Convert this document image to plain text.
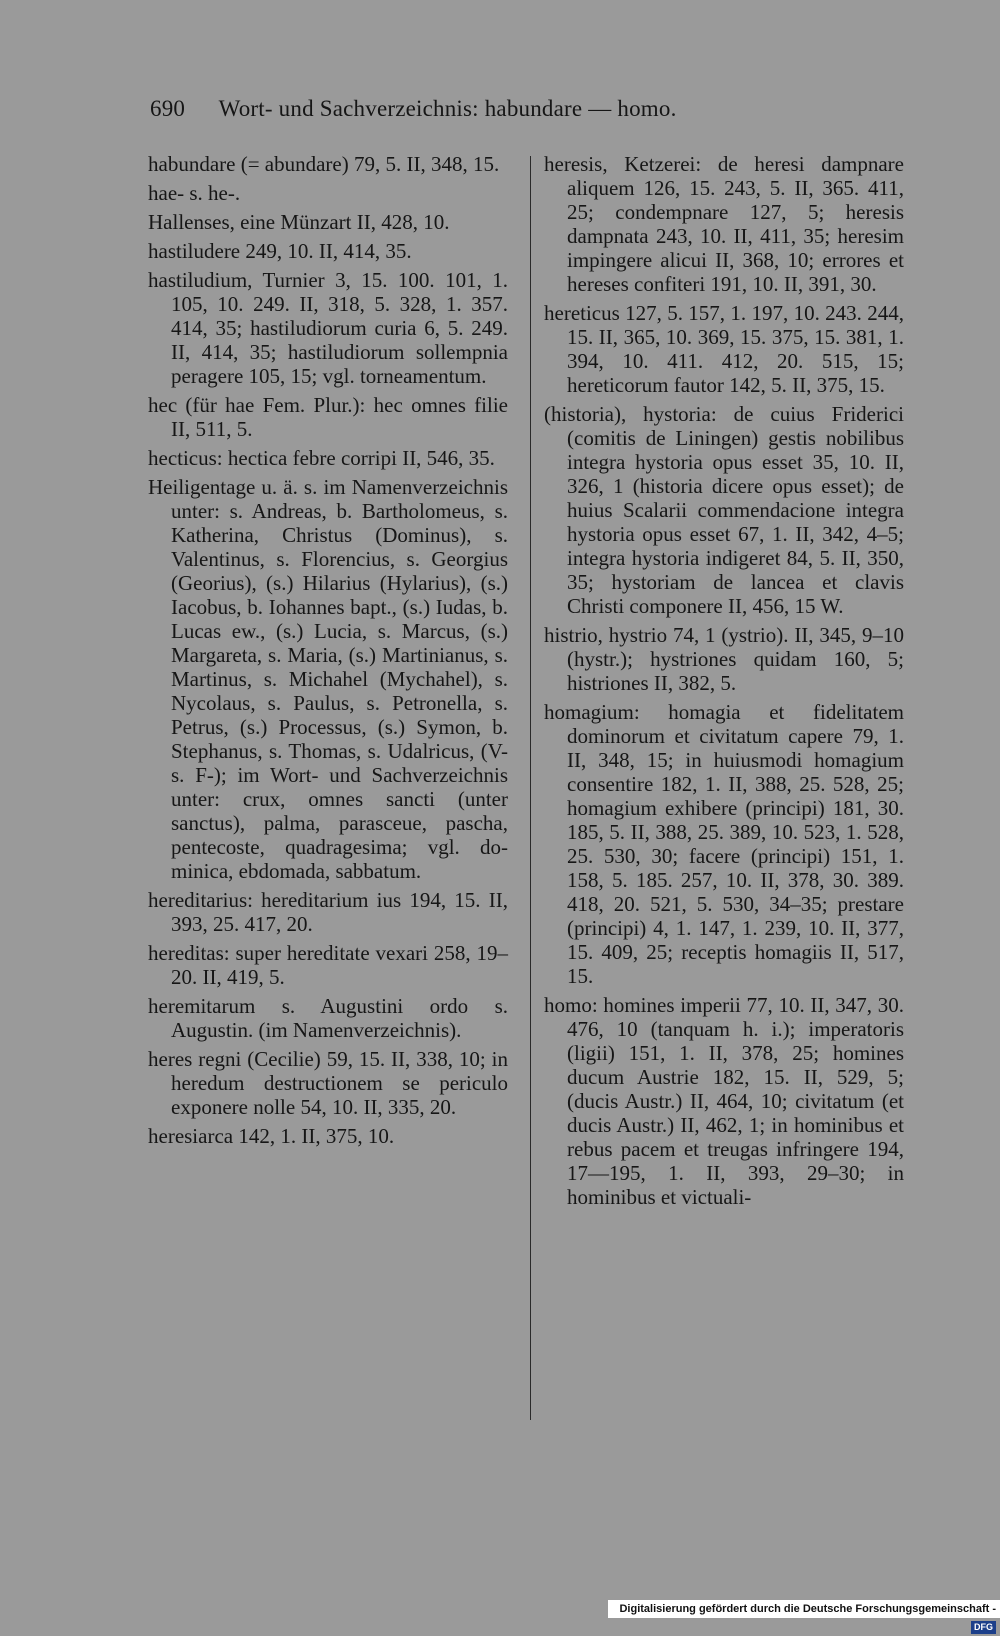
690 Wort- und Sachverzeichnis: habundare — homo.

habundare (= abundare) 79, 5. II, 348, 15.

hae- s. he-.

Hallenses, eine Münzart II, 428, 10.

hastiludere 249, 10. II, 414, 35.

hastiludium, Turnier 3, 15. 100. 101, 1. 105, 10. 249. II, 318, 5. 328, 1. 357. 414, 35; hastiludiorum curia 6, 5. 249. II, 414, 35; hastiludiorum sollempnia peragere 105, 15; vgl. torneamentum.

hec (für hae Fem. Plur.): hec omnes filie II, 511, 5.

hecticus: hectica febre corripi II, 546, 35.

Heiligentage u. ä. s. im Namenverzeichnis unter: s. Andreas, b. Bartholomeus, s. Katherina, Christus (Dominus), s. Valentinus, s. Florencius, s. Georgius (Georius), (s.) Hilarius (Hylarius), (s.) Iacobus, b. Iohannes bapt., (s.) Iudas, b. Lucas ew., (s.) Lucia, s. Marcus, (s.) Margareta, s. Maria, (s.) Martinianus, s. Martinus, s. Michahel (Mychahel), s. Nycolaus, s. Paulus, s. Petronella, s. Petrus, (s.) Processus, (s.) Symon, b. Stephanus, s. Thomas, s. Udalricus, (V- s. F-); im Wort- und Sachverzeichnis unter: crux, omnes sancti (unter sanctus), palma, parasceue, pascha, pentecoste, quadragesima; vgl. dominica, ebdomada, sabbatum.

hereditarius: hereditarium ius 194, 15. II, 393, 25. 417, 20.

hereditas: super hereditate vexari 258, 19–20. II, 419, 5.

heremitarum s. Augustini ordo s. Augustin. (im Namenverzeichnis).

heres regni (Cecilie) 59, 15. II, 338, 10; in heredum destructionem se periculo exponere nolle 54, 10. II, 335, 20.

heresiarca 142, 1. II, 375, 10.

heresis, Ketzerei: de heresi dampnare aliquem 126, 15. 243, 5. II, 365. 411, 25; condempnare 127, 5; heresis dampnata 243, 10. II, 411, 35; heresim impingere alicui II, 368, 10; errores et hereses confiteri 191, 10. II, 391, 30.

hereticus 127, 5. 157, 1. 197, 10. 243. 244, 15. II, 365, 10. 369, 15. 375, 15. 381, 1. 394, 10. 411. 412, 20. 515, 15; hereticorum fautor 142, 5. II, 375, 15.

(historia), hystoria: de cuius Friderici (comitis de Liningen) gestis nobilibus integra hystoria opus esset 35, 10. II, 326, 1 (historia dicere opus esset); de huius Scalarii commendacione integra hystoria opus esset 67, 1. II, 342, 4–5; integra hystoria indigeret 84, 5. II, 350, 35; hystoriam de lancea et clavis Christi componere II, 456, 15 W.

histrio, hystrio 74, 1 (ystrio). II, 345, 9–10 (hystr.); hystriones quidam 160, 5; histriones II, 382, 5.

homagium: homagia et fidelitatem dominorum et civitatum capere 79, 1. II, 348, 15; in huiusmodi homagium consentire 182, 1. II, 388, 25. 528, 25; homagium exhibere (principi) 181, 30. 185, 5. II, 388, 25. 389, 10. 523, 1. 528, 25. 530, 30; facere (principi) 151, 1. 158, 5. 185. 257, 10. II, 378, 30. 389. 418, 20. 521, 5. 530, 34–35; prestare (principi) 4, 1. 147, 1. 239, 10. II, 377, 15. 409, 25; receptis homagiis II, 517, 15.

homo: homines imperii 77, 10. II, 347, 30. 476, 10 (tanquam h. i.); imperatoris (ligii) 151, 1. II, 378, 25; homines ducum Austrie 182, 15. II, 529, 5; (ducis Austr.) II, 464, 10; civitatum (et ducis Austr.) II, 462, 1; in hominibus et rebus pacem et treugas infringere 194, 17—195, 1. II, 393, 29–30; in hominibus et victuali-

Digitalisierung gefördert durch die Deutsche Forschungsgemeinschaft -DFG
